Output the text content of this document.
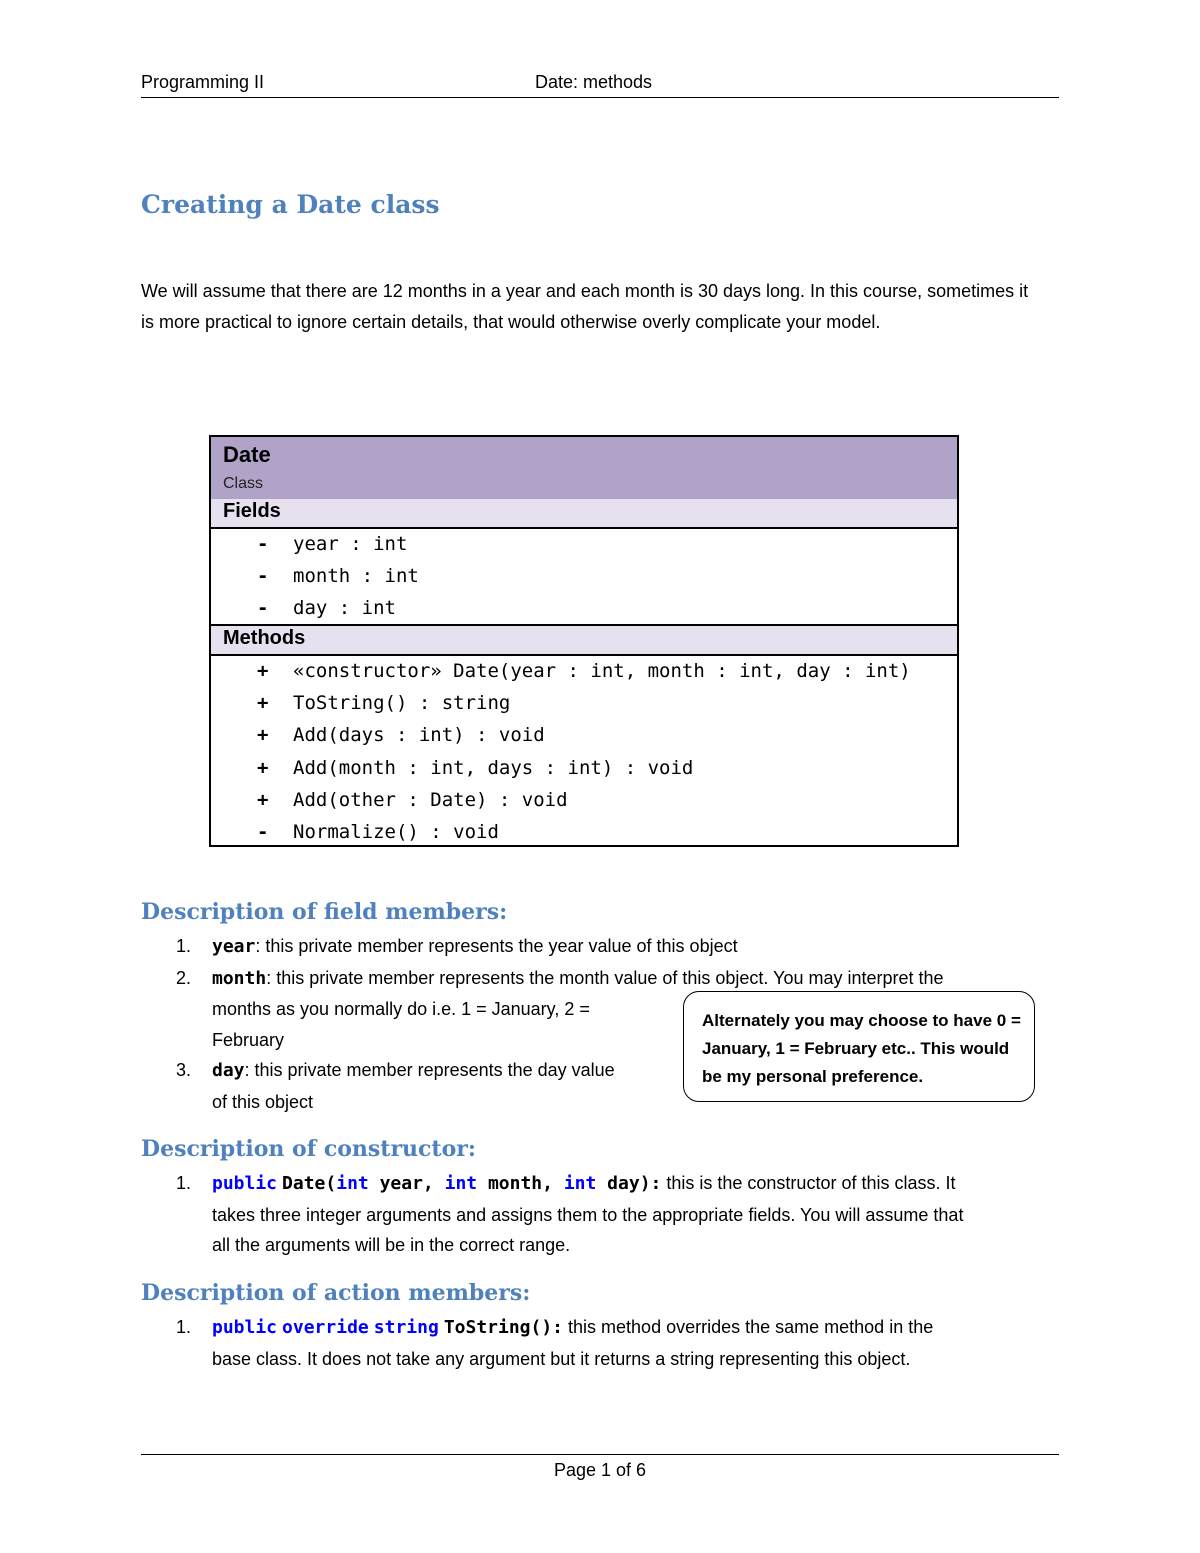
Programming II	Date: methods
Creating a Date class

We will assume that there are 12 months in a year and each month is 30 days long. In this course, sometimes it is more practical to ignore certain details, that would otherwise overly complicate your model.

Date
Class
Fields
- year : int
- month : int
- day : int
Methods
+ «constructor» Date(year : int, month : int, day : int)
+ ToString() : string
+ Add(days : int) : void
+ Add(month : int, days : int) : void
+ Add(other : Date) : void
- Normalize() : void
Description of field members:
1. year: this private member represents the year value of this object
2. month: this private member represents the month value of this object. You may interpret the
months as you normally do i.e. 1 = January, 2 =
February
3. day: this private member represents the day value
of this object
Alternately you may choose to have 0 =
January, 1 = February etc.. This would
be my personal preference.
Description of constructor:
1. public Date(int year, int month, int day): this is the constructor of this class. It
takes three integer arguments and assigns them to the appropriate fields. You will assume that
all the arguments will be in the correct range.
Description of action members:
1. public override string ToString(): this method overrides the same method in the
base class. It does not take any argument but it returns a string representing this object.
Page 1 of 6
